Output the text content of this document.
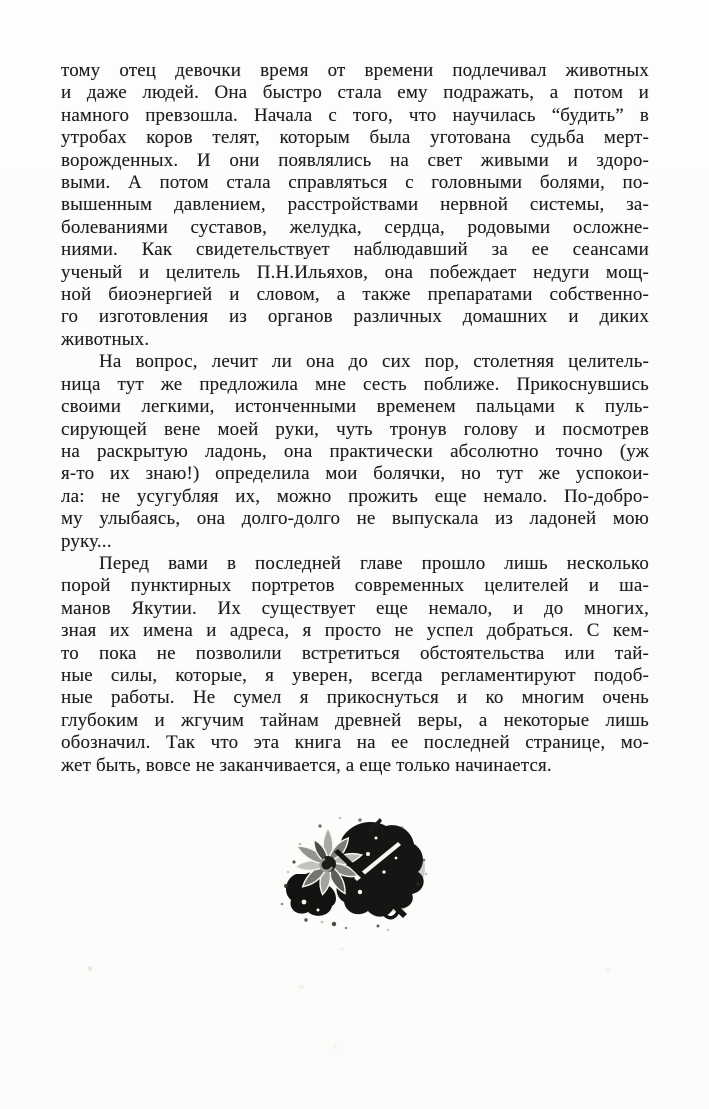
тому отец девочки время от времени подлечивал животных
и даже людей. Она быстро стала ему подражать, а потом и
намного превзошла. Начала с того, что научилась “будить” в
утробах коров телят, которым была уготована судьба мерт-
ворожденных. И они появлялись на свет живыми и здоро-
выми. А потом стала справляться с головными болями, по-
вышенным давлением, расстройствами нервной системы, за-
болеваниями суставов, желудка, сердца, родовыми осложне-
ниями. Как свидетельствует наблюдавший за ее сеансами
ученый и целитель П.Н.Ильяхов, она побеждает недуги мощ-
ной биоэнергией и словом, а также препаратами собственно-
го изготовления из органов различных домашних и диких
животных.
На вопрос, лечит ли она до сих пор, столетняя целитель-
ница тут же предложила мне сесть поближе. Прикоснувшись
своими легкими, истонченными временем пальцами к пуль-
сирующей вене моей руки, чуть тронув голову и посмотрев
на раскрытую ладонь, она практически абсолютно точно (уж
я-то их знаю!) определила мои болячки, но тут же успокои-
ла: не усугубляя их, можно прожить еще немало. По-добро-
му улыбаясь, она долго-долго не выпускала из ладоней мою
руку...
Перед вами в последней главе прошло лишь несколько
порой пунктирных портретов современных целителей и ша-
манов Якутии. Их существует еще немало, и до многих,
зная их имена и адреса, я просто не успел добраться. С кем-
то пока не позволили встретиться обстоятельства или тай-
ные силы, которые, я уверен, всегда регламентируют подоб-
ные работы. Не сумел я прикоснуться и ко многим очень
глубоким и жгучим тайнам древней веры, а некоторые лишь
обозначил. Так что эта книга на ее последней странице, мо-
жет быть, вовсе не заканчивается, а еще только начинается.
